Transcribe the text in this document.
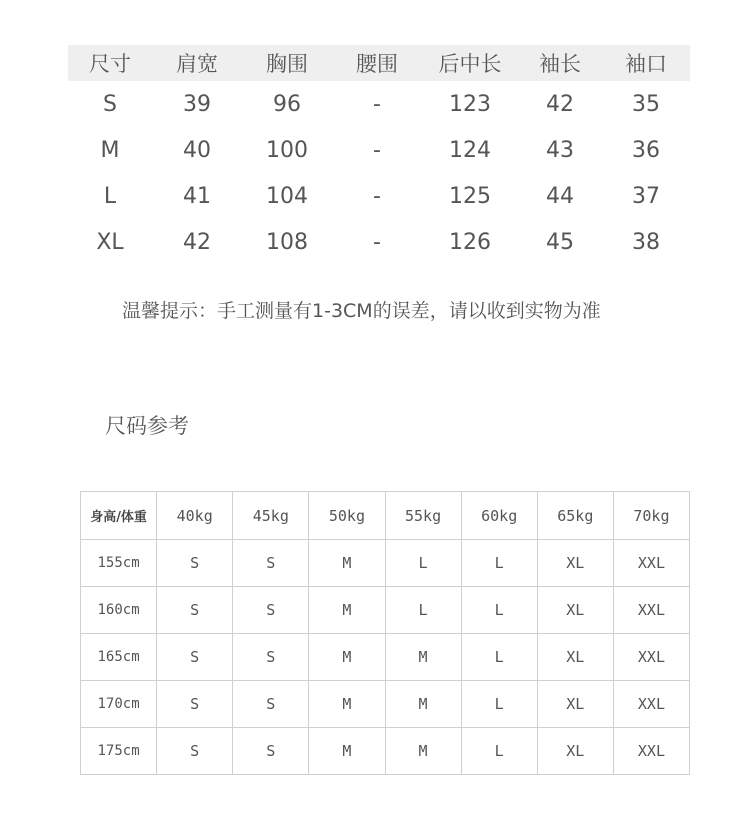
尺寸	肩宽	胸围	腰围	后中长	袖长	袖口
S	39	96	-	123	42	35
M	40	100	-	124	43	36
L	41	104	-	125	44	37
XL	42	108	-	126	45	38
温馨提示：手工测量有1-3CM的误差，请以收到实物为准
尺码参考
身高/体重	40kg	45kg	50kg	55kg	60kg	65kg	70kg
155cm	S	S	M	L	L	XL	XXL
160cm	S	S	M	L	L	XL	XXL
165cm	S	S	M	M	L	XL	XXL
170cm	S	S	M	M	L	XL	XXL
175cm	S	S	M	M	L	XL	XXL
